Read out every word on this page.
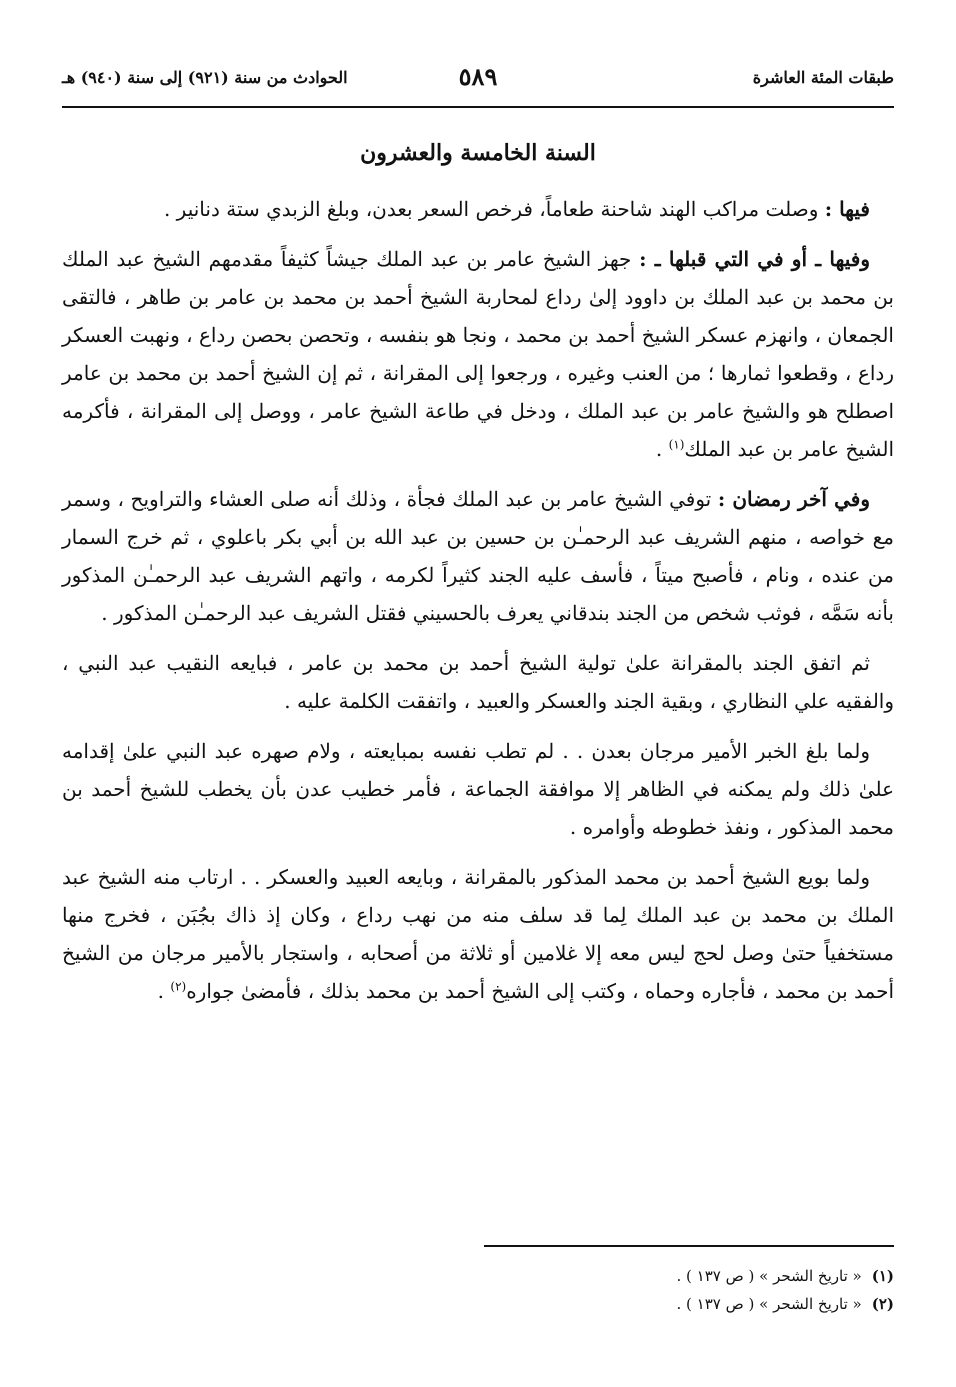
الحوادث من سنة (٩٢١) إلى سنة (٩٤٠) هـ	٥٨٩	طبقات المئة العاشرة
السنة الخامسة والعشرون

فيها : وصلت مراكب الهند شاحنة طعاماً، فرخص السعر بعدن، وبلغ الزبدي ستة دنانير .

وفيها ـ أو في التي قبلها ـ : جهز الشيخ عامر بن عبد الملك جيشاً كثيفاً مقدمهم الشيخ عبد الملك بن محمد بن عبد الملك بن داوود إلىٰ رداع لمحاربة الشيخ أحمد بن محمد بن عامر بن طاهر ، فالتقى الجمعان ، وانهزم عسكر الشيخ أحمد بن محمد ، ونجا هو بنفسه ، وتحصن بحصن رداع ، ونهبت العسكر رداع ، وقطعوا ثمارها ؛ من العنب وغيره ، ورجعوا إلى المقرانة ، ثم إن الشيخ أحمد بن محمد بن عامر اصطلح هو والشيخ عامر بن عبد الملك ، ودخل في طاعة الشيخ عامر ، ووصل إلى المقرانة ، فأكرمه الشيخ عامر بن عبد الملك$^{(١)}$ .

وفي آخر رمضان : توفي الشيخ عامر بن عبد الملك فجأة ، وذلك أنه صلى العشاء والتراويح ، وسمر مع خواصه ، منهم الشريف عبد الرحمـٰن بن حسين بن عبد الله بن أبي بكر باعلوي ، ثم خرج السمار من عنده ، ونام ، فأصبح ميتاً ، فأسف عليه الجند كثيراً لكرمه ، واتهم الشريف عبد الرحمـٰن المذكور بأنه سَمَّه ، فوثب شخص من الجند بندقاني يعرف بالحسيني فقتل الشريف عبد الرحمـٰن المذكور .

ثم اتفق الجند بالمقرانة علىٰ تولية الشيخ أحمد بن محمد بن عامر ، فبايعه النقيب عبد النبي ، والفقيه علي النظاري ، وبقية الجند والعسكر والعبيد ، واتفقت الكلمة عليه .

ولما بلغ الخبر الأمير مرجان بعدن . . لم تطب نفسه بمبايعته ، ولام صهره عبد النبي علىٰ إقدامه علىٰ ذلك ولم يمكنه في الظاهر إلا موافقة الجماعة ، فأمر خطيب عدن بأن يخطب للشيخ أحمد بن محمد المذكور ، ونفذ خطوطه وأوامره .

ولما بويع الشيخ أحمد بن محمد المذكور بالمقرانة ، وبايعه العبيد والعسكر . . ارتاب منه الشيخ عبد الملك بن محمد بن عبد الملك لِما قد سلف منه من نهب رداع ، وكان إذ ذاك بجُبَن ، فخرج منها مستخفياً حتىٰ وصل لحج ليس معه إلا غلامين أو ثلاثة من أصحابه ، واستجار بالأمير مرجان من الشيخ أحمد بن محمد ، فأجاره وحماه ، وكتب إلى الشيخ أحمد بن محمد بذلك ، فأمضىٰ جواره$^{(٢)}$ .

(١)
« تاريخ الشحر » ( ص ١٣٧ ) .
(٢)
« تاريخ الشحر » ( ص ١٣٧ ) .
